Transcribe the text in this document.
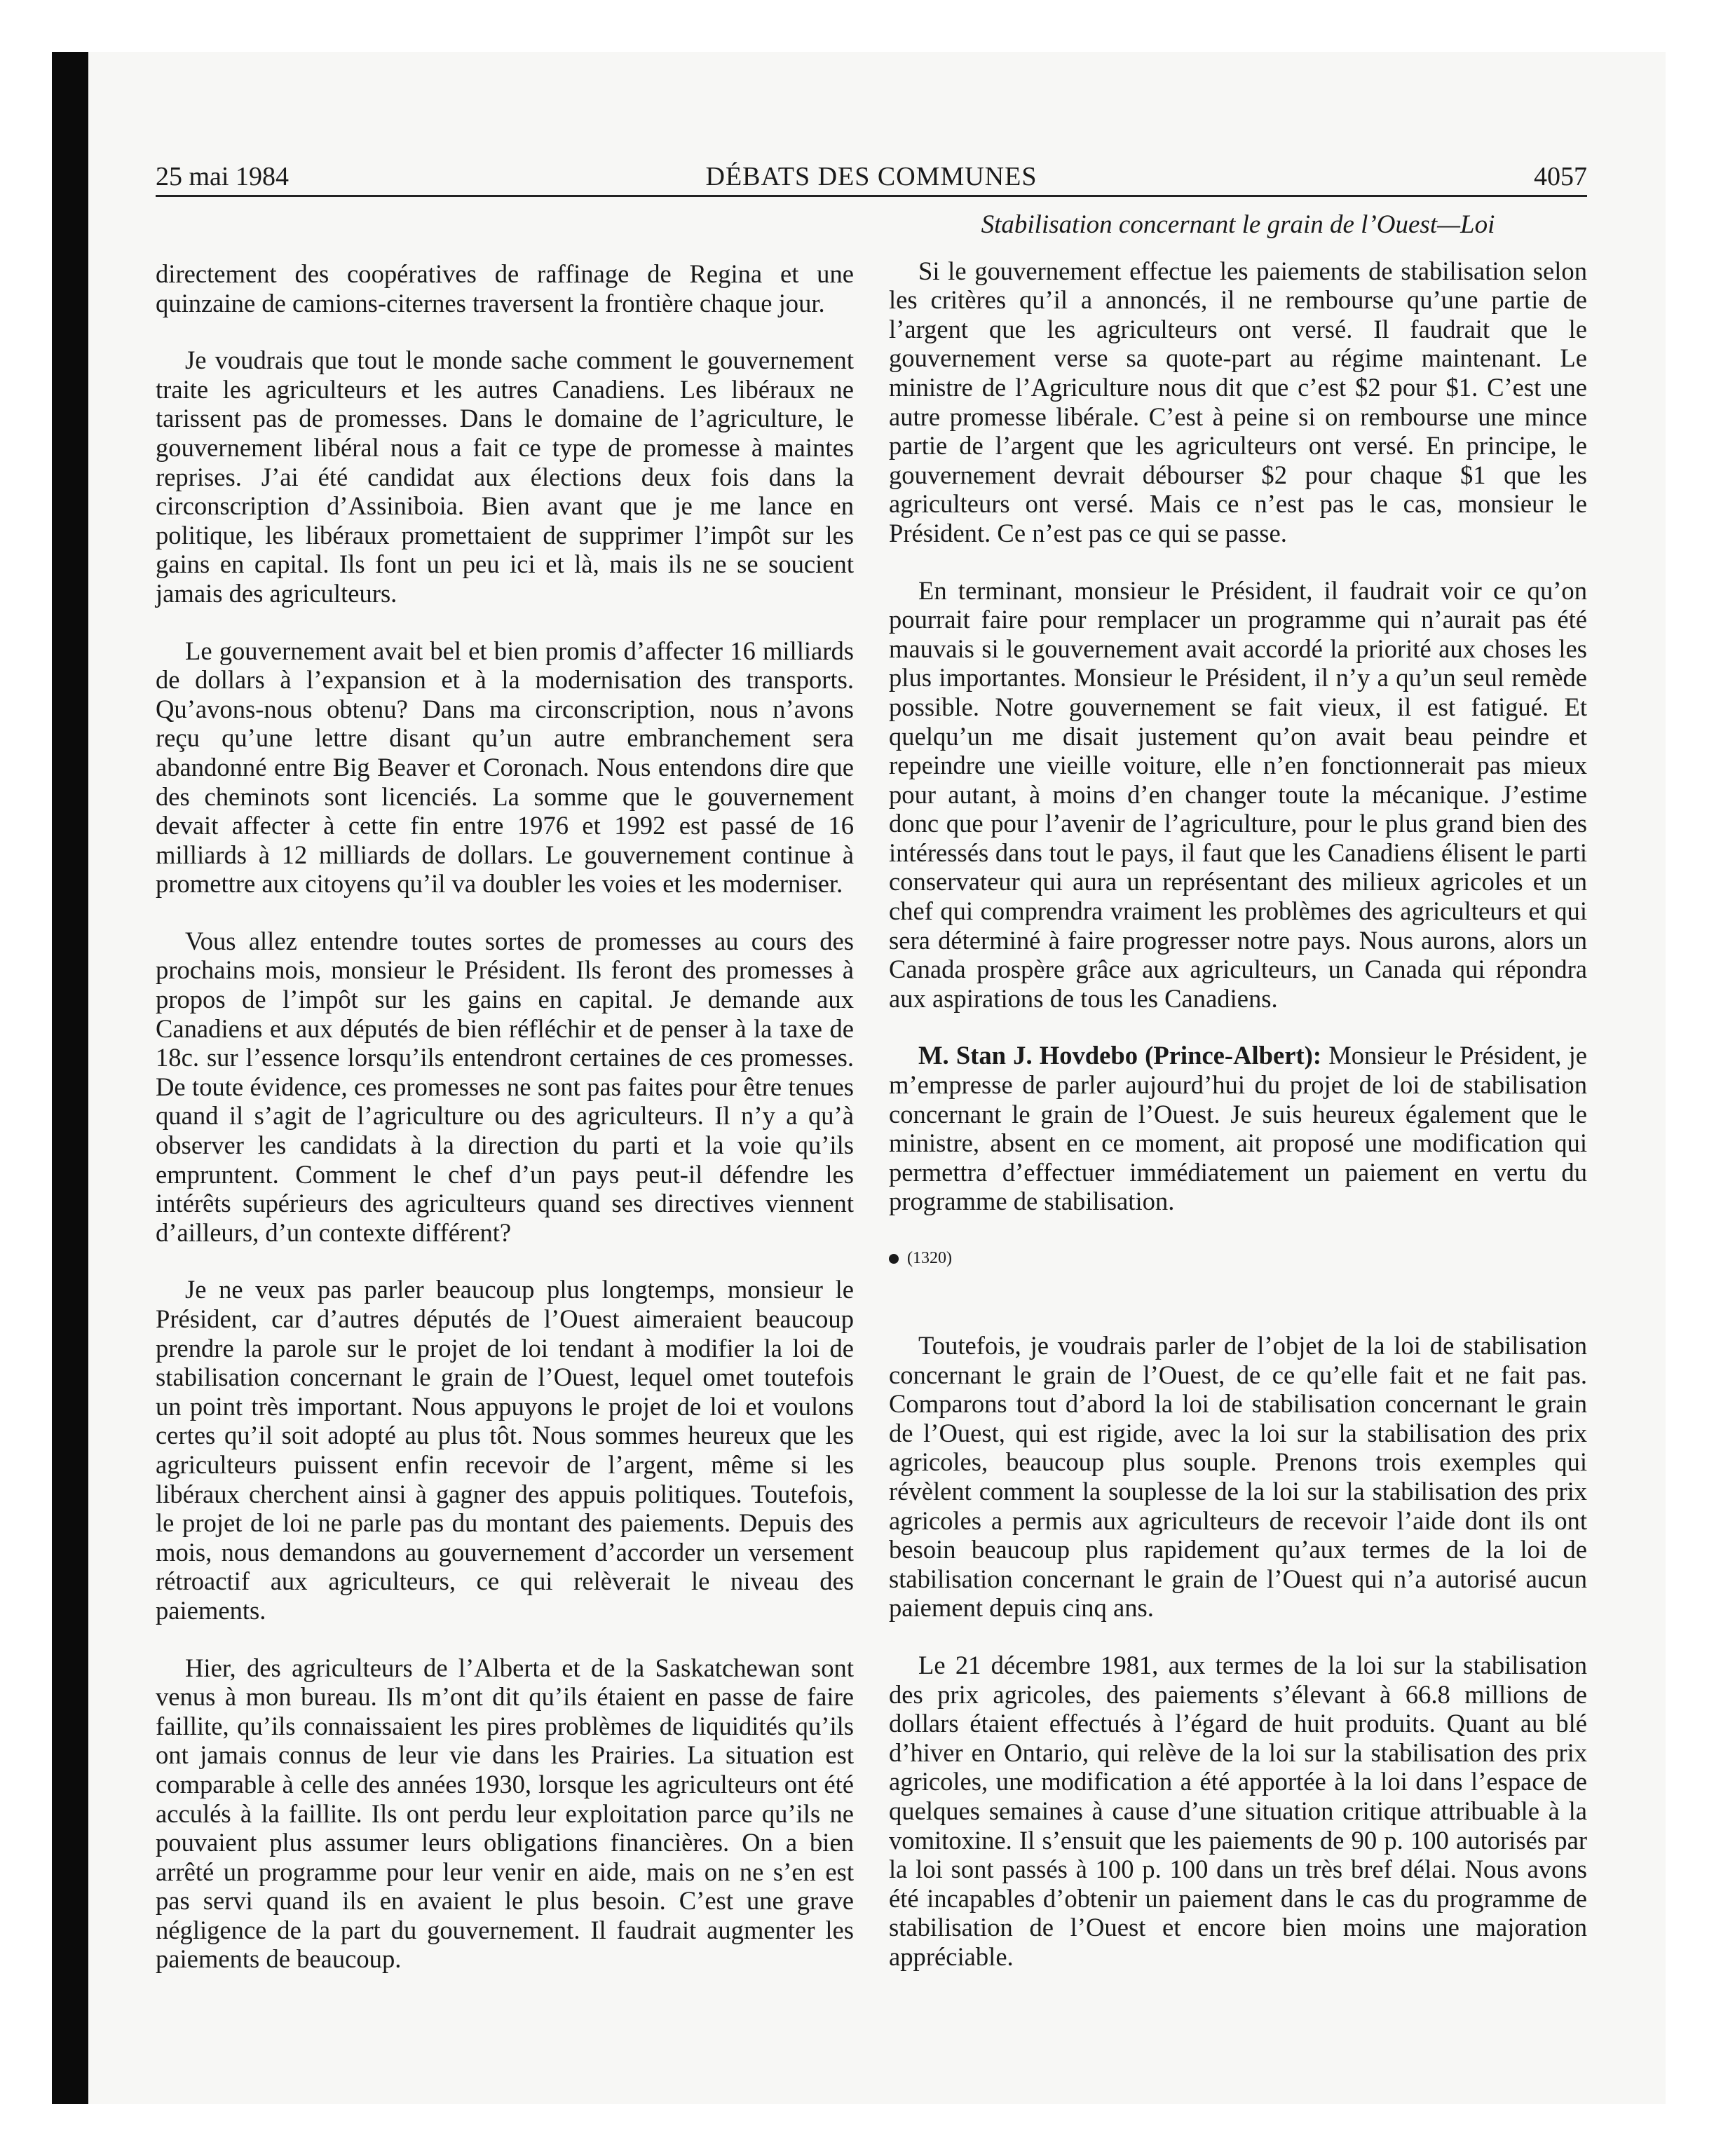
25 mai 1984	DÉBATS DES COMMUNES	4057

directement des coopératives de raffinage de Regina et une quinzaine de camions-citernes traversent la frontière chaque jour.

Je voudrais que tout le monde sache comment le gouvernement traite les agriculteurs et les autres Canadiens. Les libéraux ne tarissent pas de promesses. Dans le domaine de l’agriculture, le gouvernement libéral nous a fait ce type de promesse à maintes reprises. J’ai été candidat aux élections deux fois dans la circonscription d’Assiniboia. Bien avant que je me lance en politique, les libéraux promettaient de supprimer l’impôt sur les gains en capital. Ils font un peu ici et là, mais ils ne se soucient jamais des agriculteurs.

Le gouvernement avait bel et bien promis d’affecter 16 milliards de dollars à l’expansion et à la modernisation des transports. Qu’avons-nous obtenu? Dans ma circonscription, nous n’avons reçu qu’une lettre disant qu’un autre embranchement sera abandonné entre Big Beaver et Coronach. Nous entendons dire que des cheminots sont licenciés. La somme que le gouvernement devait affecter à cette fin entre 1976 et 1992 est passé de 16 milliards à 12 milliards de dollars. Le gouvernement continue à promettre aux citoyens qu’il va doubler les voies et les moderniser.

Vous allez entendre toutes sortes de promesses au cours des prochains mois, monsieur le Président. Ils feront des promesses à propos de l’impôt sur les gains en capital. Je demande aux Canadiens et aux députés de bien réfléchir et de penser à la taxe de 18c. sur l’essence lorsqu’ils entendront certaines de ces promesses. De toute évidence, ces promesses ne sont pas faites pour être tenues quand il s’agit de l’agriculture ou des agriculteurs. Il n’y a qu’à observer les candidats à la direction du parti et la voie qu’ils empruntent. Comment le chef d’un pays peut-il défendre les intérêts supérieurs des agriculteurs quand ses directives viennent d’ailleurs, d’un contexte différent?

Je ne veux pas parler beaucoup plus longtemps, monsieur le Président, car d’autres députés de l’Ouest aimeraient beaucoup prendre la parole sur le projet de loi tendant à modifier la loi de stabilisation concernant le grain de l’Ouest, lequel omet toutefois un point très important. Nous appuyons le projet de loi et voulons certes qu’il soit adopté au plus tôt. Nous sommes heureux que les agriculteurs puissent enfin recevoir de l’argent, même si les libéraux cherchent ainsi à gagner des appuis politiques. Toutefois, le projet de loi ne parle pas du montant des paiements. Depuis des mois, nous demandons au gouvernement d’accorder un versement rétroactif aux agriculteurs, ce qui relèverait le niveau des paiements.

Hier, des agriculteurs de l’Alberta et de la Saskatchewan sont venus à mon bureau. Ils m’ont dit qu’ils étaient en passe de faire faillite, qu’ils connaissaient les pires problèmes de liquidités qu’ils ont jamais connus de leur vie dans les Prairies. La situation est comparable à celle des années 1930, lorsque les agriculteurs ont été acculés à la faillite. Ils ont perdu leur exploitation parce qu’ils ne pouvaient plus assumer leurs obligations financières. On a bien arrêté un programme pour leur venir en aide, mais on ne s’en est pas servi quand ils en avaient le plus besoin. C’est une grave négligence de la part du gouvernement. Il faudrait augmenter les paiements de beaucoup.

Stabilisation concernant le grain de l’Ouest—Loi

Si le gouvernement effectue les paiements de stabilisation selon les critères qu’il a annoncés, il ne rembourse qu’une partie de l’argent que les agriculteurs ont versé. Il faudrait que le gouvernement verse sa quote-part au régime maintenant. Le ministre de l’Agriculture nous dit que c’est $2 pour $1. C’est une autre promesse libérale. C’est à peine si on rembourse une mince partie de l’argent que les agriculteurs ont versé. En principe, le gouvernement devrait débourser $2 pour chaque $1 que les agriculteurs ont versé. Mais ce n’est pas le cas, monsieur le Président. Ce n’est pas ce qui se passe.

En terminant, monsieur le Président, il faudrait voir ce qu’on pourrait faire pour remplacer un programme qui n’aurait pas été mauvais si le gouvernement avait accordé la priorité aux choses les plus importantes. Monsieur le Président, il n’y a qu’un seul remède possible. Notre gouvernement se fait vieux, il est fatigué. Et quelqu’un me disait justement qu’on avait beau peindre et repeindre une vieille voiture, elle n’en fonctionnerait pas mieux pour autant, à moins d’en changer toute la mécanique. J’estime donc que pour l’avenir de l’agriculture, pour le plus grand bien des intéressés dans tout le pays, il faut que les Canadiens élisent le parti conservateur qui aura un représentant des milieux agricoles et un chef qui comprendra vraiment les problèmes des agriculteurs et qui sera déterminé à faire progresser notre pays. Nous aurons, alors un Canada prospère grâce aux agriculteurs, un Canada qui répondra aux aspirations de tous les Canadiens.

M. Stan J. Hovdebo (Prince-Albert): Monsieur le Président, je m’empresse de parler aujourd’hui du projet de loi de stabilisation concernant le grain de l’Ouest. Je suis heureux également que le ministre, absent en ce moment, ait proposé une modification qui permettra d’effectuer immédiatement un paiement en vertu du programme de stabilisation.

(1320)

Toutefois, je voudrais parler de l’objet de la loi de stabilisation concernant le grain de l’Ouest, de ce qu’elle fait et ne fait pas. Comparons tout d’abord la loi de stabilisation concernant le grain de l’Ouest, qui est rigide, avec la loi sur la stabilisation des prix agricoles, beaucoup plus souple. Prenons trois exemples qui révèlent comment la souplesse de la loi sur la stabilisation des prix agricoles a permis aux agriculteurs de recevoir l’aide dont ils ont besoin beaucoup plus rapidement qu’aux termes de la loi de stabilisation concernant le grain de l’Ouest qui n’a autorisé aucun paiement depuis cinq ans.

Le 21 décembre 1981, aux termes de la loi sur la stabilisation des prix agricoles, des paiements s’élevant à 66.8 millions de dollars étaient effectués à l’égard de huit produits. Quant au blé d’hiver en Ontario, qui relève de la loi sur la stabilisation des prix agricoles, une modification a été apportée à la loi dans l’espace de quelques semaines à cause d’une situation critique attribuable à la vomitoxine. Il s’ensuit que les paiements de 90 p. 100 autorisés par la loi sont passés à 100 p. 100 dans un très bref délai. Nous avons été incapables d’obtenir un paiement dans le cas du programme de stabilisation de l’Ouest et encore bien moins une majoration appréciable.
